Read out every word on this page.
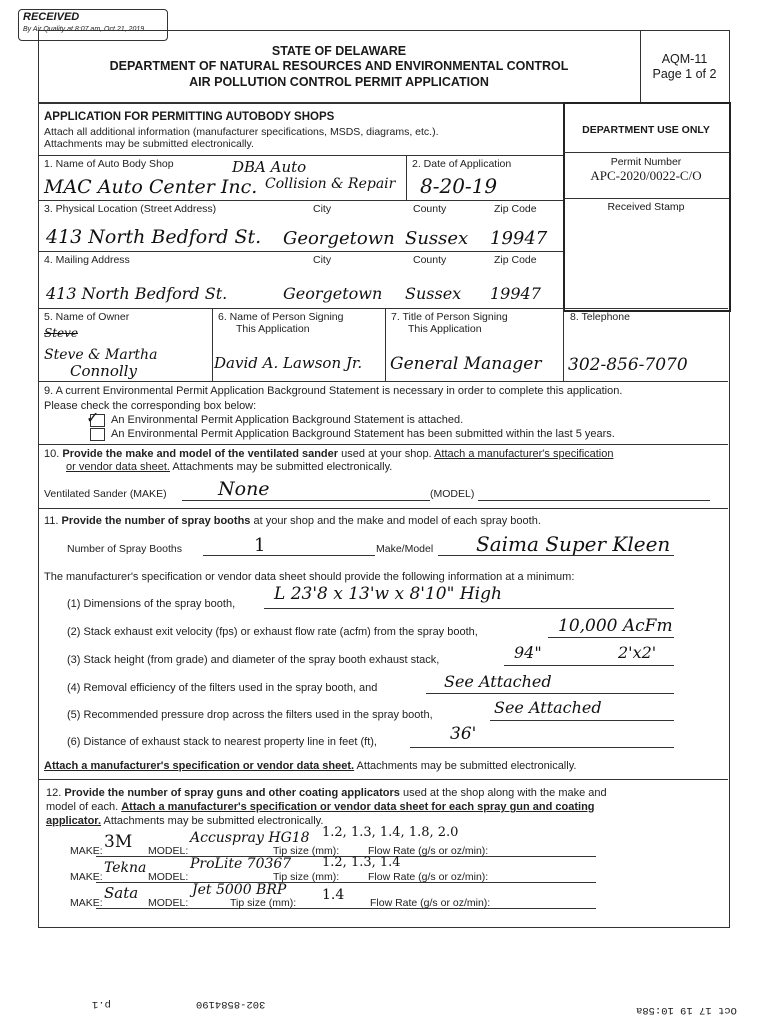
RECEIVED
By Air Quality at 8:07 am, Oct 21, 2019
STATE OF DELAWARE
DEPARTMENT OF NATURAL RESOURCES AND ENVIRONMENTAL CONTROL
AIR POLLUTION CONTROL PERMIT APPLICATION
AQM-11
Page 1 of 2
APPLICATION FOR PERMITTING AUTOBODY SHOPS
Attach all additional information (manufacturer specifications, MSDS, diagrams, etc.).
Attachments may be submitted electronically.
DEPARTMENT USE ONLY
Permit Number
APC-2020/0022-C/O
Received Stamp
1. Name of Auto Body Shop	DBA Auto
Collision & Repair
MAC Auto Center Inc.
2. Date of Application
8-20-19
3. Physical Location (Street Address)	City	County	Zip Code
413 North Bedford St. Georgetown Sussex 19947
4. Mailing Address	City	County	Zip Code
413 North Bedford St.	Georgetown Sussex 19947
5. Name of Owner
Steve
Steve & Martha
Connolly
6. Name of Person Signing
This Application
David A. Lawson Jr.
7. Title of Person Signing
This Application
General Manager
8. Telephone
302-856-7070
9. A current Environmental Permit Application Background Statement is necessary in order to complete this application.
Please check the corresponding box below:
✓ An Environmental Permit Application Background Statement is attached.
An Environmental Permit Application Background Statement has been submitted within the last 5 years.
10. Provide the make and model of the ventilated sander used at your shop. Attach a manufacturer's specification
or vendor data sheet. Attachments may be submitted electronically.
Ventilated Sander (MAKE)	None	(MODEL)
11. Provide the number of spray booths at your shop and the make and model of each spray booth.
Number of Spray Booths	1	Make/Model Saima Super Kleen
The manufacturer's specification or vendor data sheet should provide the following information at a minimum:
(1) Dimensions of the spray booth, L 23'8 x 13'w x 8'10" High
(2) Stack exhaust exit velocity (fps) or exhaust flow rate (acfm) from the spray booth,	10,000 AcFm
(3) Stack height (from grade) and diameter of the spray booth exhaust stack,	94"	2'x2'
(4) Removal efficiency of the filters used in the spray booth, and	See Attached
(5) Recommended pressure drop across the filters used in the spray booth,	See Attached
(6) Distance of exhaust stack to nearest property line in feet (ft),	36'
Attach a manufacturer's specification or vendor data sheet. Attachments may be submitted electronically.
12. Provide the number of spray guns and other coating applicators used at the shop along with the make and
model of each. Attach a manufacturer's specification or vendor data sheet for each spray gun and coating
applicator. Attachments may be submitted electronically.
MAKE: 3M MODEL:
Accuspray HG18
Tip size (mm):
1.2, 1.3, 1.4, 1.8, 2.0
Flow Rate (g/s or oz/min):
MAKE:
Tekna
MODEL:
ProLite 70367
Tip size (mm):
1.2, 1.3, 1.4
Flow Rate (g/s or oz/min):
MAKE:
Sata
MODEL:
Jet 5000 BRP
Tip size (mm): 1.4 Flow Rate (g/s or oz/min):
p.1	302-8584190	Oct 17 19 10:58a
